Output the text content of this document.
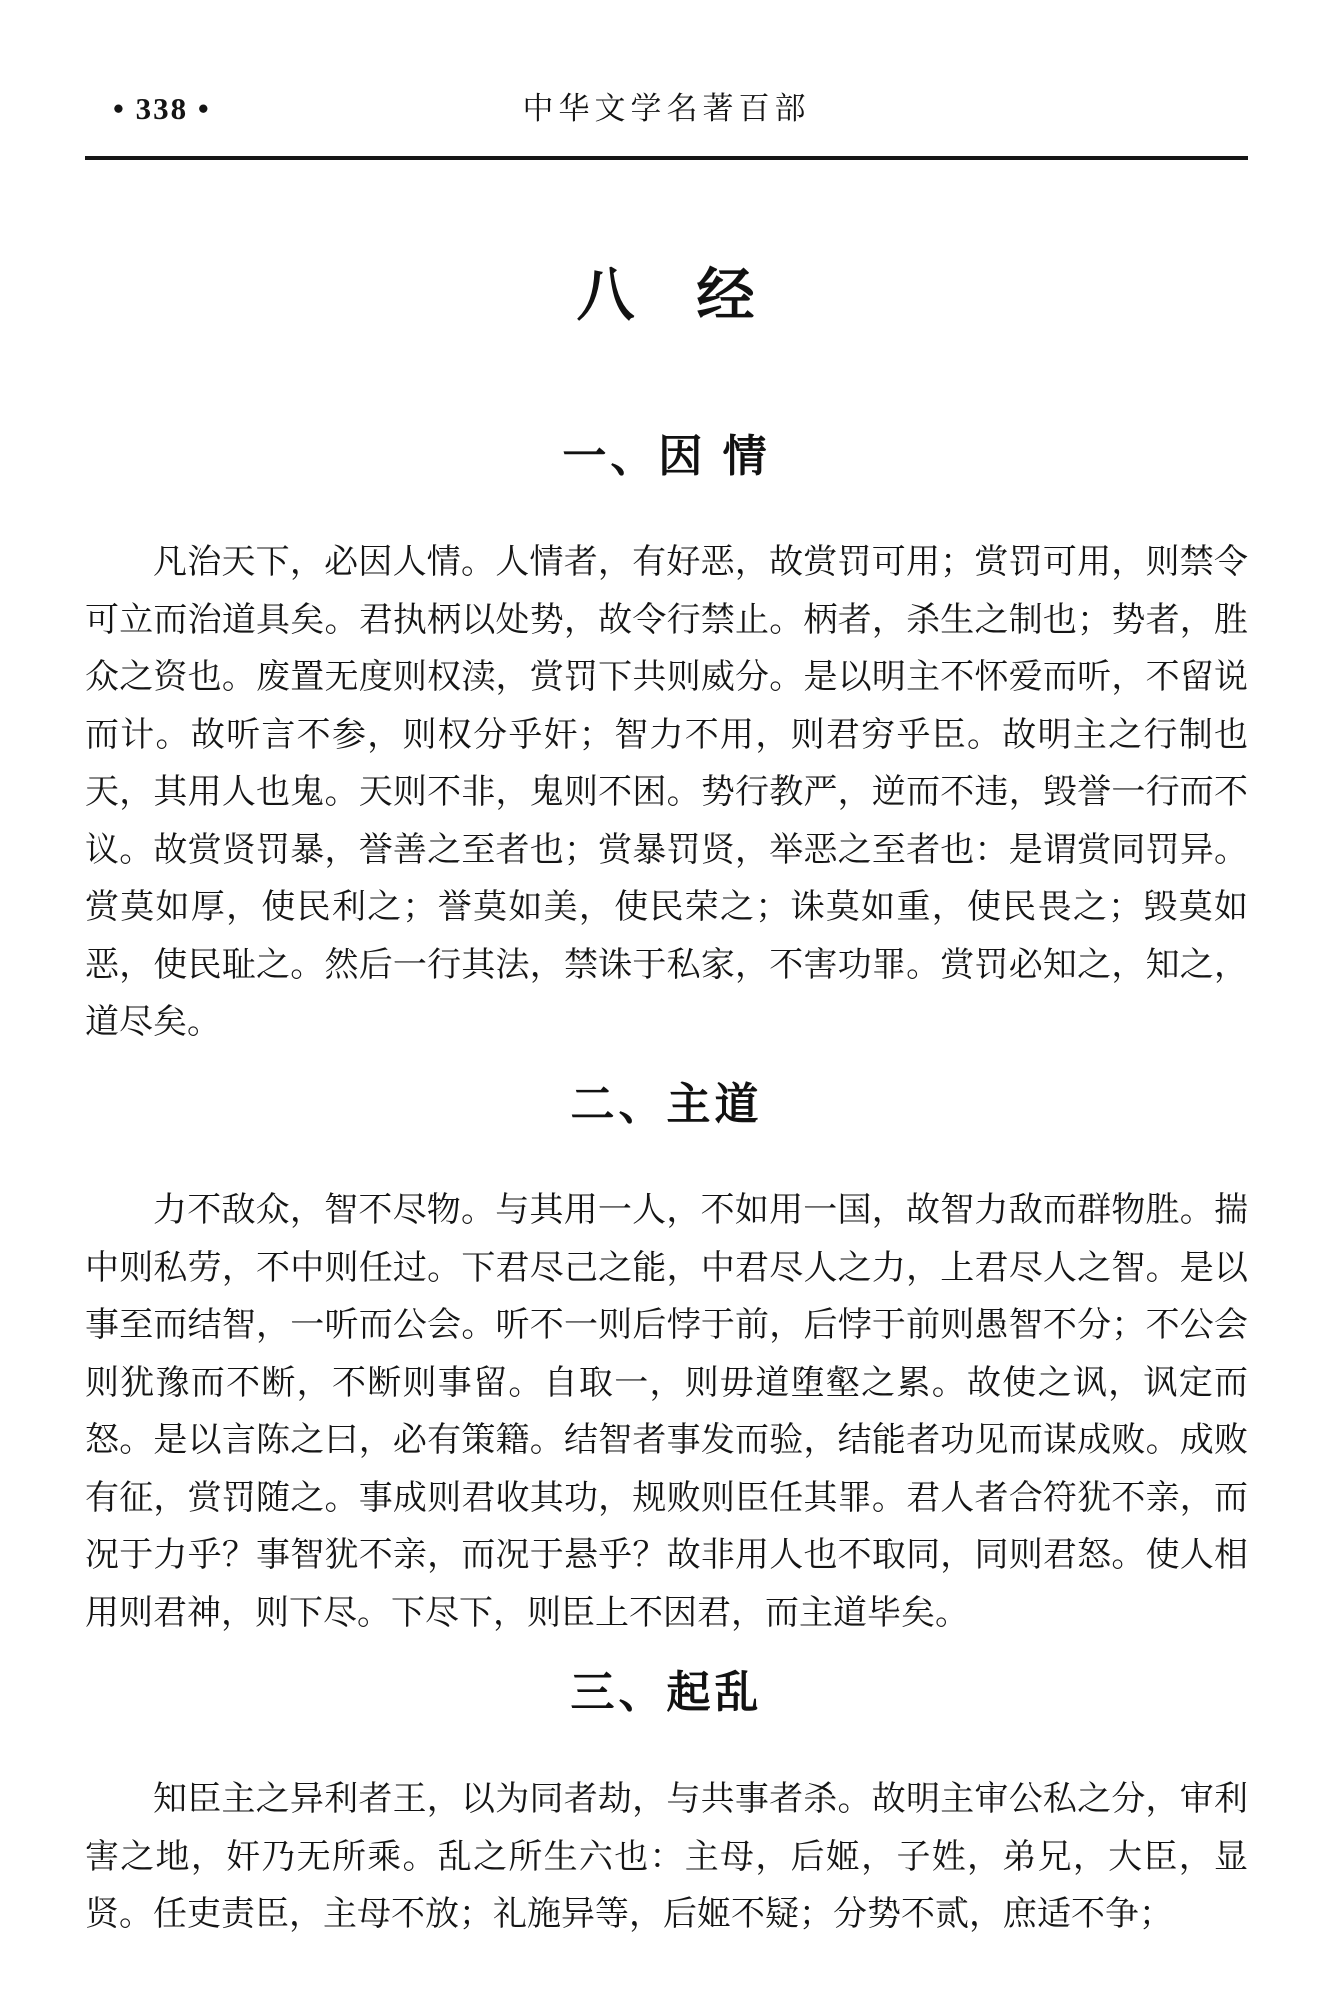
• 338 •	中华文学名著百部
八　经
一、因 情

凡治天下，必因人情。人情者，有好恶，故赏罚可用；赏罚可用，则禁令可立而治道具矣。君执柄以处势，故令行禁止。柄者，杀生之制也；势者，胜众之资也。废置无度则权渎，赏罚下共则威分。是以明主不怀爱而听，不留说而计。故听言不参，则权分乎奸；智力不用，则君穷乎臣。故明主之行制也天，其用人也鬼。天则不非，鬼则不困。势行教严，逆而不违，毁誉一行而不议。故赏贤罚暴，誉善之至者也；赏暴罚贤，举恶之至者也：是谓赏同罚异。赏莫如厚，使民利之；誉莫如美，使民荣之；诛莫如重，使民畏之；毁莫如恶，使民耻之。然后一行其法，禁诛于私家，不害功罪。赏罚必知之，知之，道尽矣。

二、主道

力不敌众，智不尽物。与其用一人，不如用一国，故智力敌而群物胜。揣中则私劳，不中则任过。下君尽己之能，中君尽人之力，上君尽人之智。是以事至而结智，一听而公会。听不一则后悖于前，后悖于前则愚智不分；不公会则犹豫而不断，不断则事留。自取一，则毋道堕壑之累。故使之讽，讽定而怒。是以言陈之曰，必有策籍。结智者事发而验，结能者功见而谋成败。成败有征，赏罚随之。事成则君收其功，规败则臣任其罪。君人者合符犹不亲，而况于力乎？事智犹不亲，而况于悬乎？故非用人也不取同，同则君怒。使人相用则君神，则下尽。下尽下，则臣上不因君，而主道毕矣。

三、起乱

知臣主之异利者王，以为同者劫，与共事者杀。故明主审公私之分，审利害之地，奸乃无所乘。乱之所生六也：主母，后姬，子姓，弟兄，大臣，显贤。任吏责臣，主母不放；礼施异等，后姬不疑；分势不贰，庶适不争；
